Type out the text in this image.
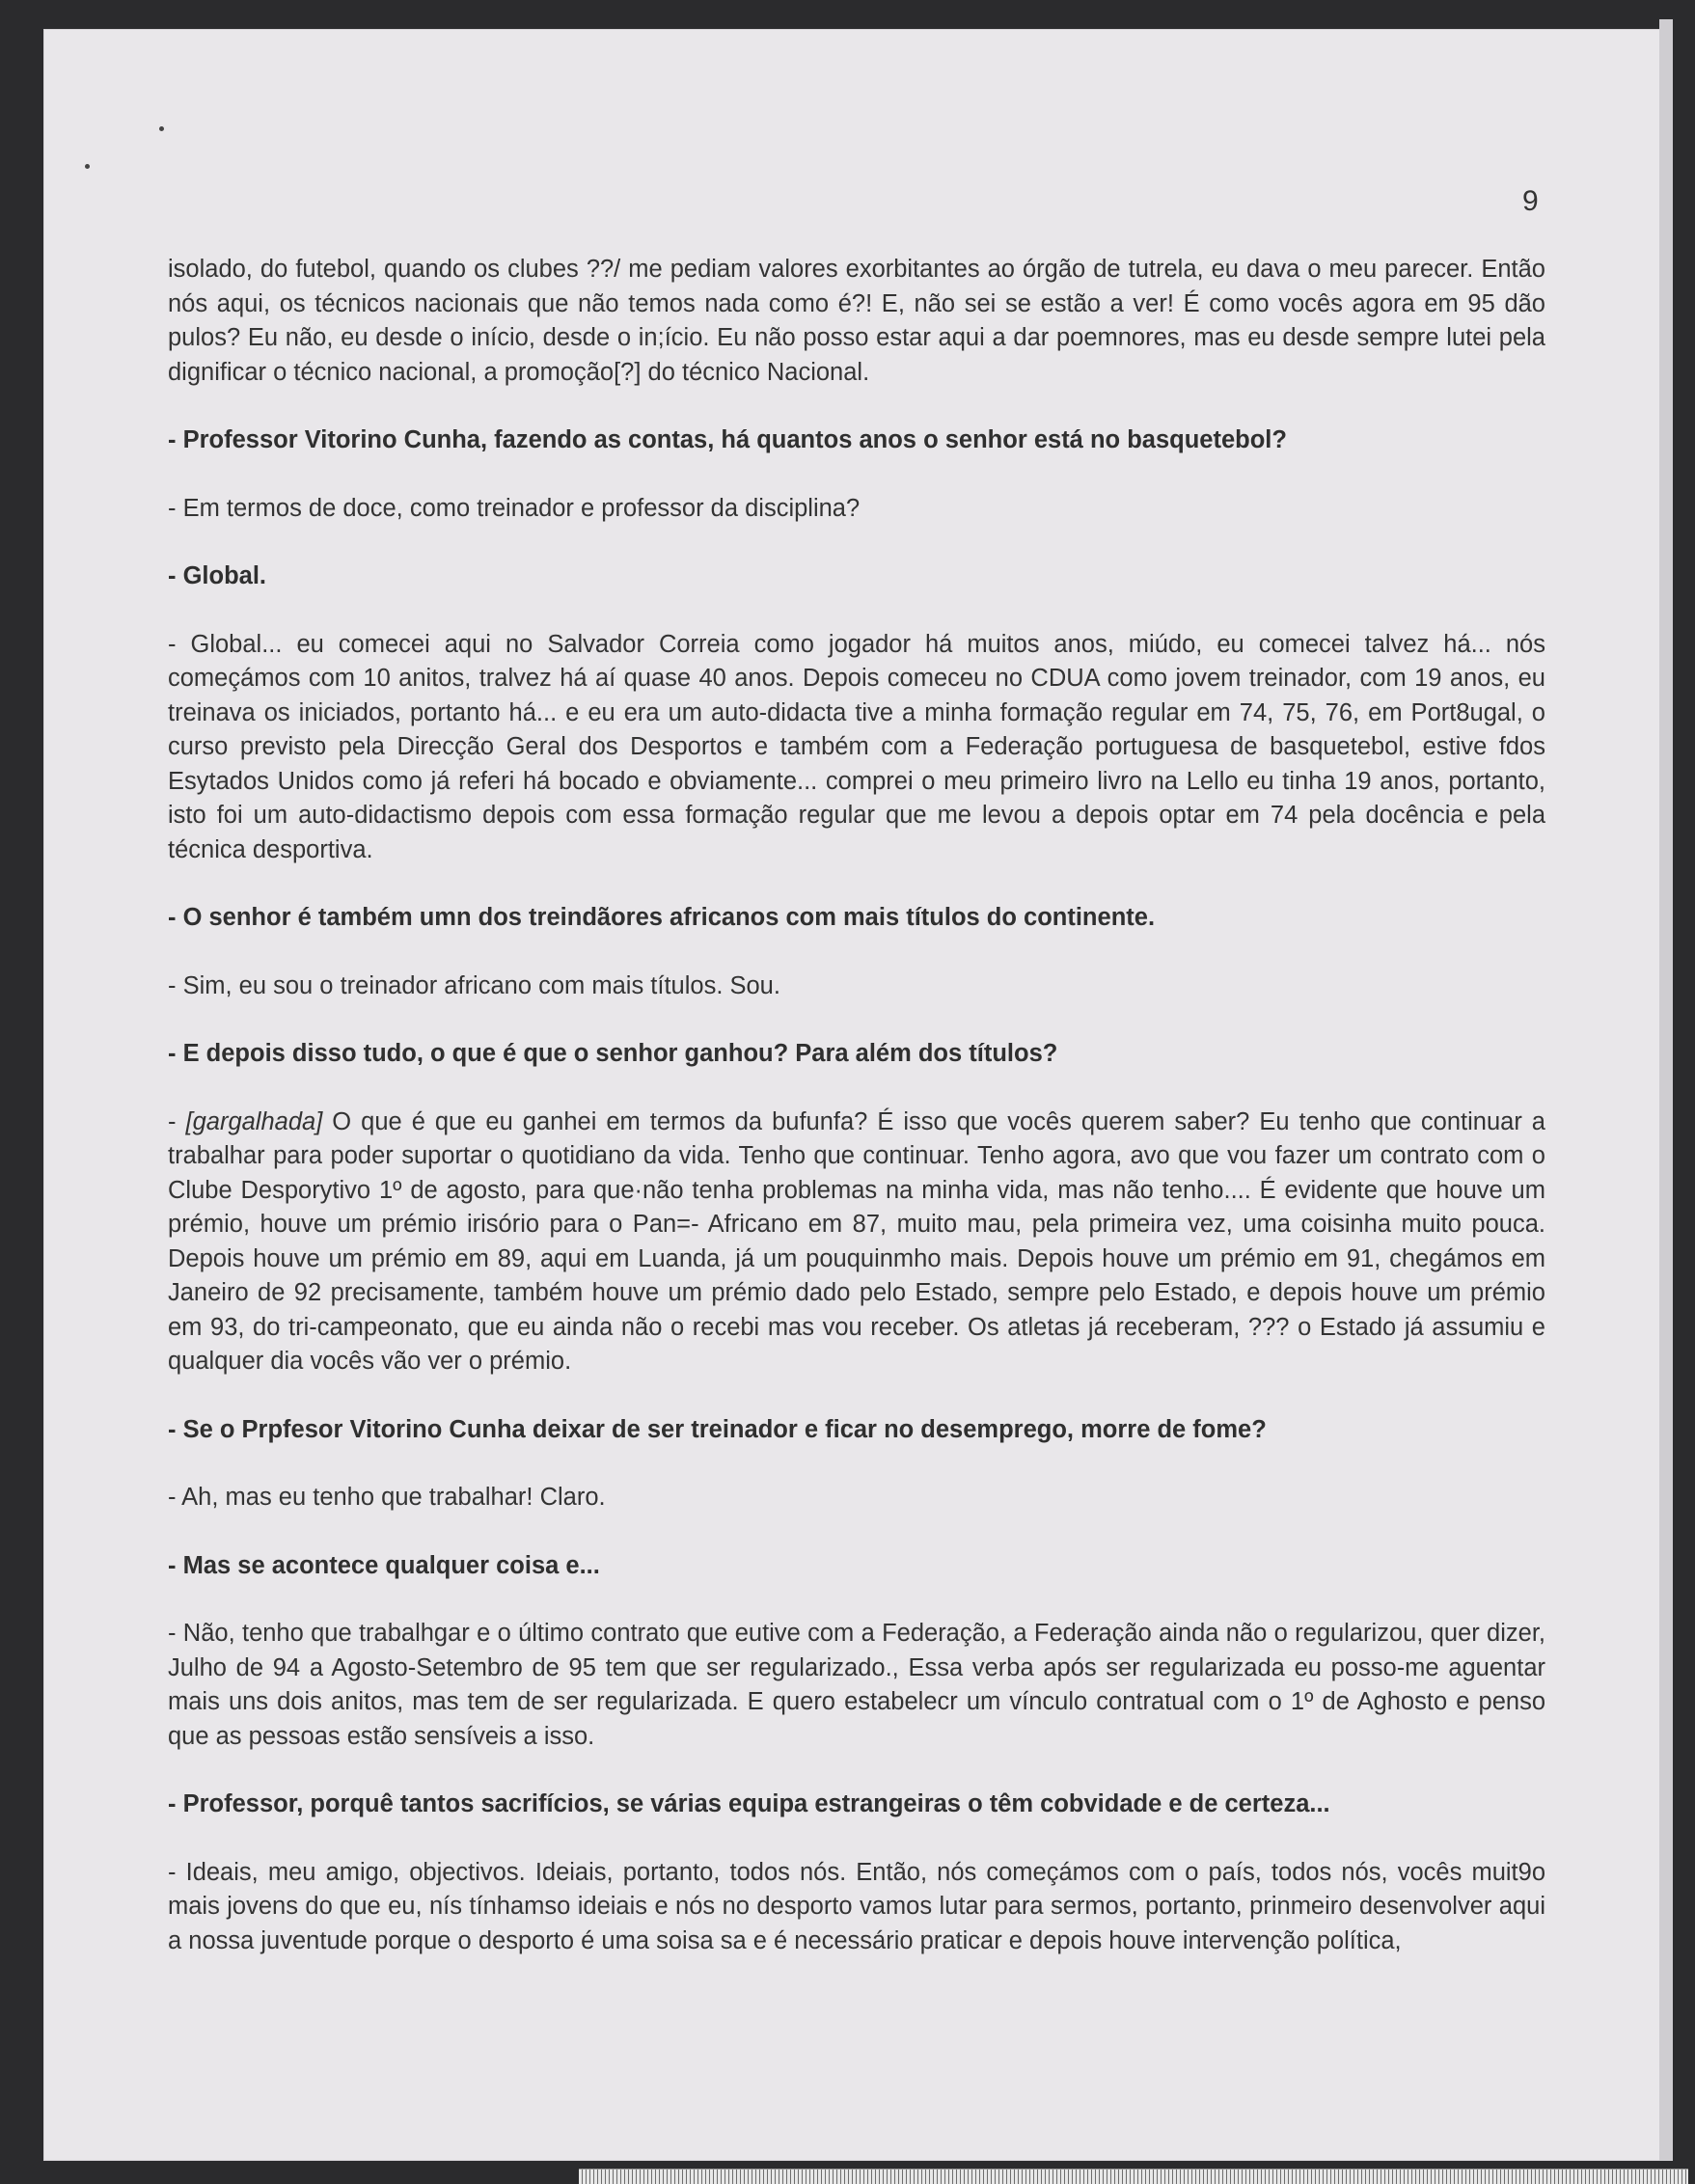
9

isolado, do futebol, quando os clubes ??/ me pediam valores exorbitantes ao órgão de tutrela, eu dava o meu parecer. Então nós aqui, os técnicos nacionais que não temos nada como é?! E, não sei se estão a ver! É como vocês agora em 95 dão pulos? Eu não, eu desde o início, desde o in;ício. Eu não posso estar aqui a dar poemnores, mas eu desde sempre lutei pela dignificar o técnico nacional, a promoção[?] do técnico Nacional.

- Professor Vitorino Cunha, fazendo as contas, há quantos anos o senhor está no basquetebol?

- Em termos de doce, como treinador e professor da disciplina?

- Global.

- Global... eu comecei aqui no Salvador Correia como jogador há muitos anos, miúdo, eu comecei talvez há... nós começámos com 10 anitos, tralvez há aí quase 40 anos. Depois comeceu no CDUA como jovem treinador, com 19 anos, eu treinava os iniciados, portanto há... e eu era um auto-didacta tive a minha formação regular em 74, 75, 76, em Port8ugal, o curso previsto pela Direcção Geral dos Desportos e também com a Federação portuguesa de basquetebol, estive fdos Esytados Unidos como já referi há bocado e obviamente... comprei o meu primeiro livro na Lello eu tinha 19 anos, portanto, isto foi um auto-didactismo depois com essa formação regular que me levou a depois optar em 74 pela docência e pela técnica desportiva.

- O senhor é também umn dos treindãores africanos com mais títulos do continente.

- Sim, eu sou o treinador africano com mais títulos. Sou.

- E depois disso tudo, o que é que o senhor ganhou? Para além dos títulos?

- [gargalhada] O que é que eu ganhei em termos da bufunfa? É isso que vocês querem saber? Eu tenho que continuar a trabalhar para poder suportar o quotidiano da vida. Tenho que continuar. Tenho agora, avo que vou fazer um contrato com o Clube Desporytivo 1º de agosto, para que·não tenha problemas na minha vida, mas não tenho.... É evidente que houve um prémio, houve um prémio irisório para o Pan=- Africano em 87, muito mau, pela primeira vez, uma coisinha muito pouca. Depois houve um prémio em 89, aqui em Luanda, já um pouquinmho mais. Depois houve um prémio em 91, chegámos em Janeiro de 92 precisamente, também houve um prémio dado pelo Estado, sempre pelo Estado, e depois houve um prémio em 93, do tri-campeonato, que eu ainda não o recebi mas vou receber. Os atletas já receberam, ??? o Estado já assumiu e qualquer dia vocês vão ver o prémio.

- Se o Prpfesor Vitorino Cunha deixar de ser treinador e ficar no desemprego, morre de fome?

- Ah, mas eu tenho que trabalhar! Claro.

- Mas se acontece qualquer coisa e...

- Não, tenho que trabalhgar e o último contrato que eutive com a Federação, a Federação ainda não o regularizou, quer dizer, Julho de 94 a Agosto-Setembro de 95 tem que ser regularizado., Essa verba após ser regularizada eu posso-me aguentar mais uns dois anitos, mas tem de ser regularizada. E quero estabelecr um vínculo contratual com o 1º de Aghosto e penso que as pessoas estão sensíveis a isso.

- Professor, porquê tantos sacrifícios, se várias equipa estrangeiras o têm cobvidade e de certeza...

- Ideais, meu amigo, objectivos. Ideiais, portanto, todos nós. Então, nós começámos com o país, todos nós, vocês muit9o mais jovens do que eu, nís tínhamso ideiais e nós no desporto vamos lutar para sermos, portanto, prinmeiro desenvolver aqui a nossa juventude porque o desporto é uma soisa sa e é necessário praticar e depois houve intervenção política,
